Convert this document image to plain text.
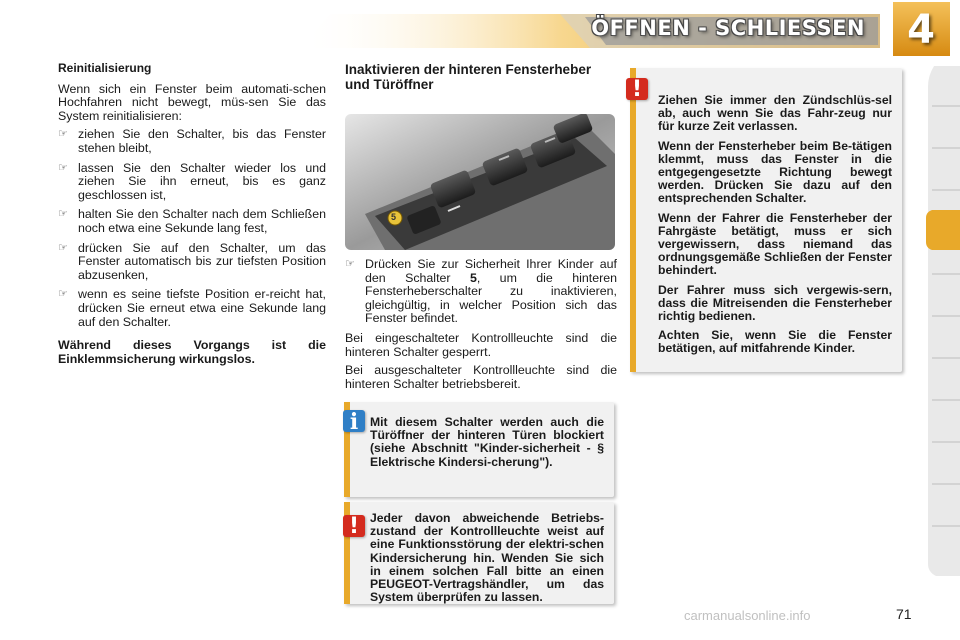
ÖFFNEN - SCHLIESSEN 4
Reinitialisierung

Wenn sich ein Fenster beim automati-schen Hochfahren nicht bewegt, müs-sen Sie das System reinitialisieren:

☞ ziehen Sie den Schalter, bis das Fenster stehen bleibt,
☞ lassen Sie den Schalter wieder los und ziehen Sie ihn erneut, bis es ganz geschlossen ist,
☞ halten Sie den Schalter nach dem Schließen noch etwa eine Sekunde lang fest,
☞ drücken Sie auf den Schalter, um das Fenster automatisch bis zur tiefsten Position abzusenken,
☞ wenn es seine tiefste Position er-reicht hat, drücken Sie erneut etwa eine Sekunde lang auf den Schalter.

Während dieses Vorgangs ist die Einklemmsicherung wirkungslos.

Inaktivieren der hinteren Fensterheber und Türöffner
5
☞ Drücken Sie zur Sicherheit Ihrer Kinder auf den Schalter 5, um die hinteren Fensterheberschalter zu inaktivieren, gleichgültig, in welcher Position sich das Fenster befindet.

Bei eingeschalteter Kontrollleuchte sind die hinteren Schalter gesperrt.

Bei ausgeschalteter Kontrollleuchte sind die hinteren Schalter betriebsbereit.

Ziehen Sie immer den Zündschlüs-sel ab, auch wenn Sie das Fahr-zeug nur für kurze Zeit verlassen.

Wenn der Fensterheber beim Be-tätigen klemmt, muss das Fenster in die entgegengesetzte Richtung bewegt werden. Drücken Sie dazu auf den entsprechenden Schalter.

Wenn der Fahrer die Fensterheber der Fahrgäste betätigt, muss er sich vergewissern, dass niemand das ordnungsgemäße Schließen der Fenster behindert.

Der Fahrer muss sich vergewis-sern, dass die Mitreisenden die Fensterheber richtig bedienen.

Achten Sie, wenn Sie die Fenster betätigen, auf mitfahrende Kinder.

!

Mit diesem Schalter werden auch die Türöffner der hinteren Türen blockiert (siehe Abschnitt "Kinder-sicherheit - § Elektrische Kindersi-cherung").

i

Jeder davon abweichende Betriebs-zustand der Kontrollleuchte weist auf eine Funktionsstörung der elektri-schen Kindersicherung hin. Wenden Sie sich in einem solchen Fall bitte an einen PEUGEOT-Vertragshändler, um das System überprüfen zu lassen.

!
carmanualsonline.info	71
